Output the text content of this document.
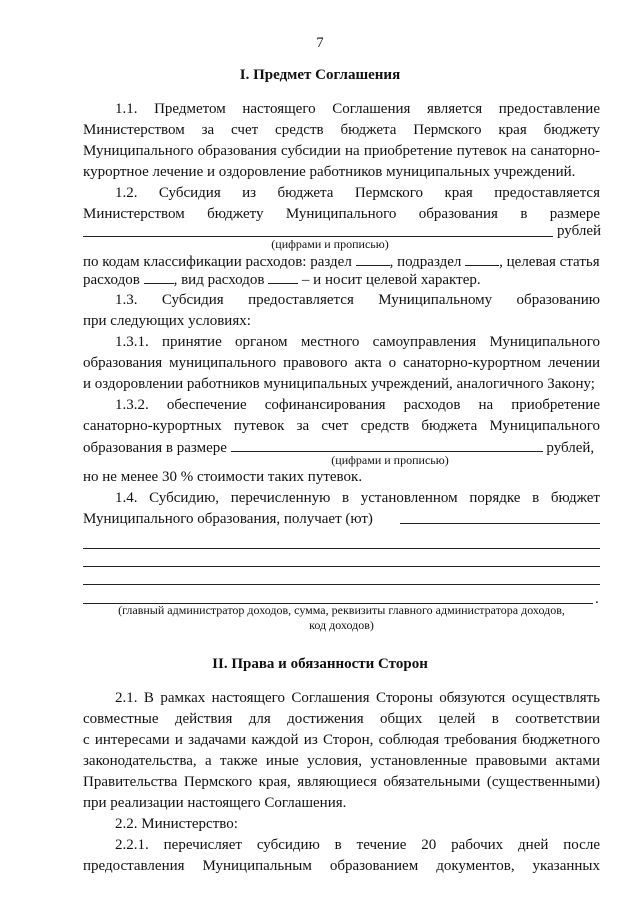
7
I. Предмет Соглашения
1.1. Предметом настоящего Соглашения является предоставление
Министерством за счет средств бюджета Пермского края бюджету
Муниципального образования субсидии на приобретение путевок на санаторно-
курортное лечение и оздоровление работников муниципальных учреждений.
1.2. Субсидия из бюджета Пермского края предоставляется
Министерством бюджету Муниципального образования в размере
рублей
(цифрами и прописью)
по кодам классификации расходов: раздел	, подраздел	, целевая статья
расходов , вид расходов	– и носит целевой характер.
1.3. Субсидия предоставляется Муниципальному образованию
при следующих условиях:
1.3.1. принятие органом местного самоуправления Муниципального
образования муниципального правового акта о санаторно-курортном лечении
и оздоровлении работников муниципальных учреждений, аналогичного Закону;
1.3.2. обеспечение софинансирования расходов на приобретение
санаторно-курортных путевок за счет средств бюджета Муниципального
образования в размере	рублей,
(цифрами и прописью)
но не менее 30 % стоимости таких путевок.
1.4. Субсидию, перечисленную в установленном порядке в бюджет
Муниципального образования, получает (ют)
.
(главный администратор доходов, сумма, реквизиты главного администратора доходов,
код доходов)
II. Права и обязанности Сторон
2.1. В рамках настоящего Соглашения Стороны обязуются осуществлять
совместные действия для достижения общих целей в соответствии
с интересами и задачами каждой из Сторон, соблюдая требования бюджетного
законодательства, а также иные условия, установленные правовыми актами
Правительства Пермского края, являющиеся обязательными (существенными)
при реализации настоящего Соглашения.
2.2. Министерство:
2.2.1. перечисляет субсидию в течение 20 рабочих дней после
предоставления Муниципальным образованием документов, указанных
